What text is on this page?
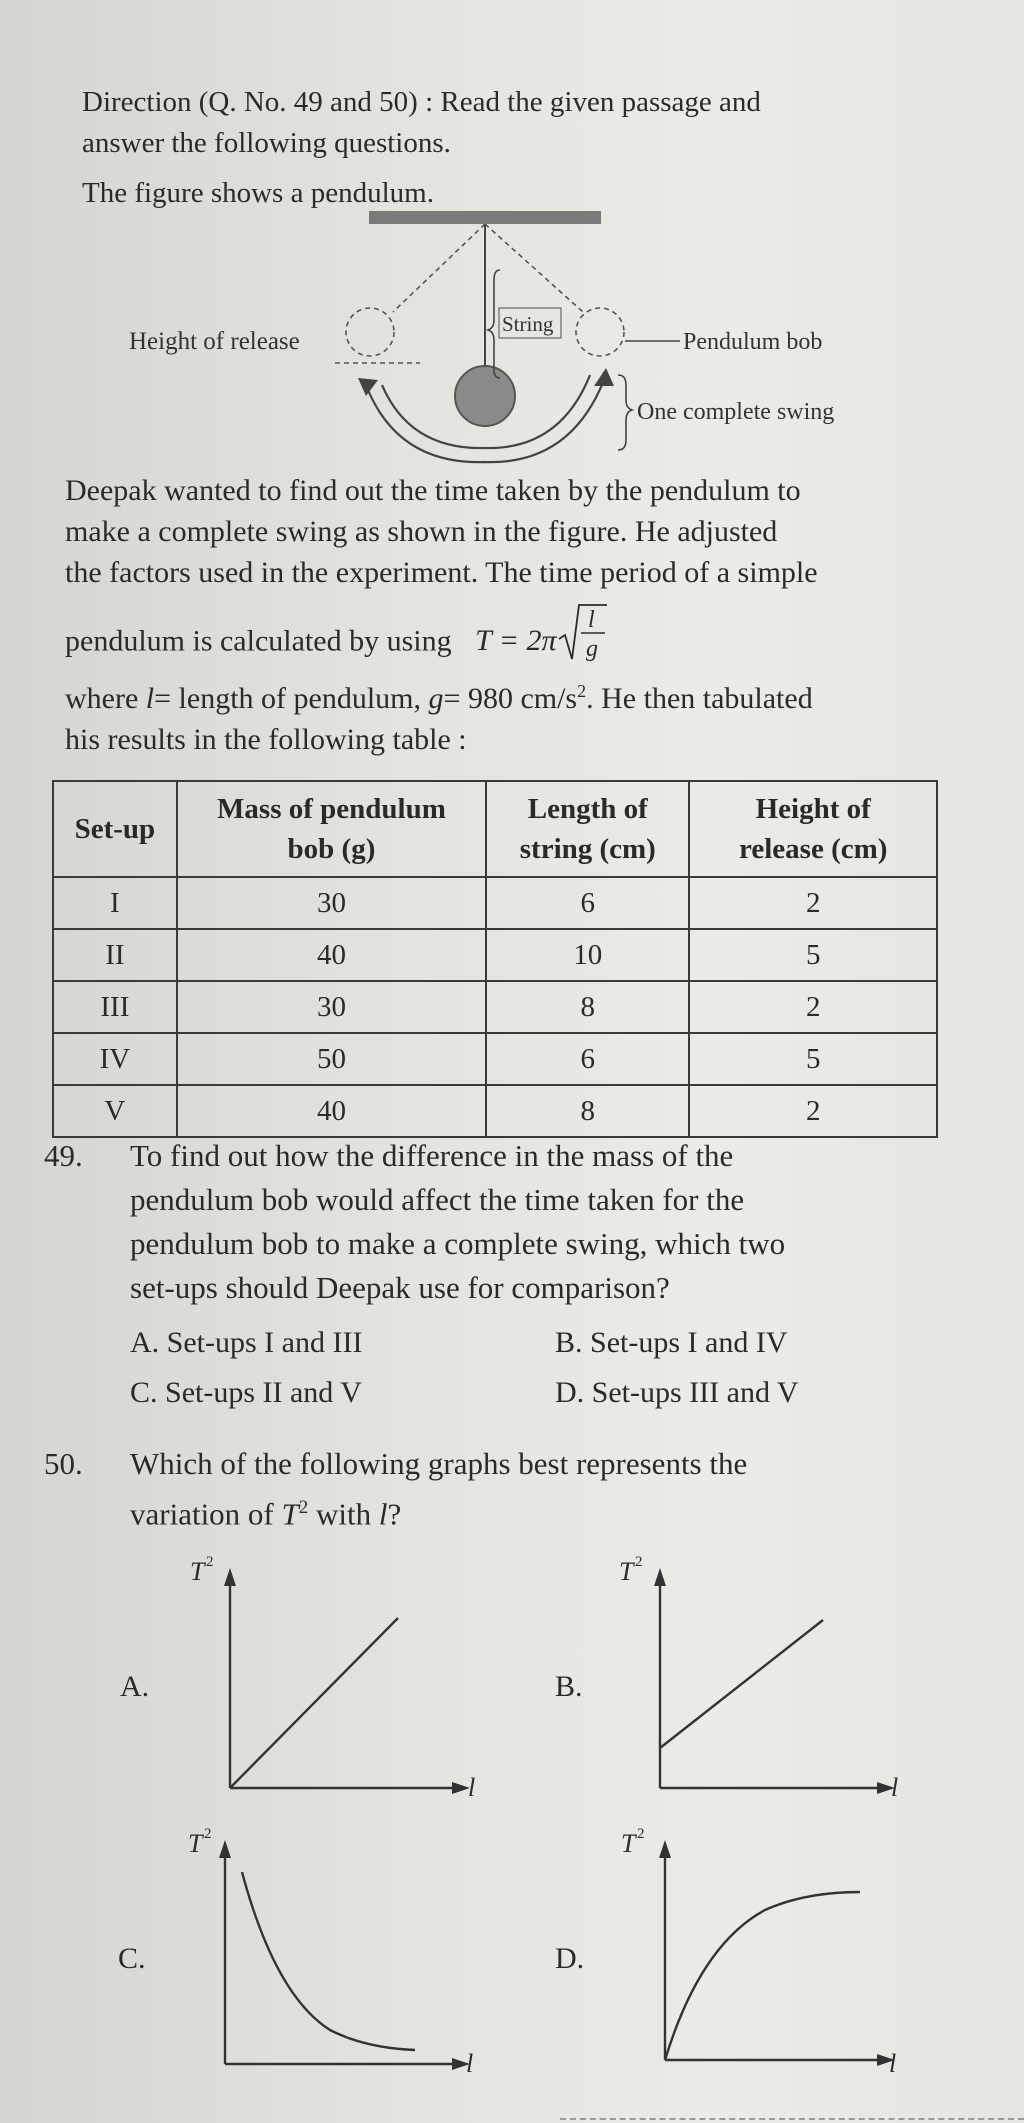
Direction (Q. No. 49 and 50) : Read the given passage and
answer the following questions.
The figure shows a pendulum.
String
Pendulum bob
Height of release
One complete swing
Deepak wanted to find out the time taken by the pendulum to
make a complete swing as shown in the figure. He adjusted
the factors used in the experiment. The time period of a simple
pendulum is calculated by using T = 2π
l
g
where l= length of pendulum, g= 980 $cm/s^2$. He then tabulated
his results in the following table :
Set-up	Mass of pendulum bob (g)	Length of string (cm)	Height of release (cm)
I	30	6	2
II	40	10	5
III	30	8	2
IV	50	6	5
V	40	8	2
49. To find out how the difference in the mass of the
pendulum bob would affect the time taken for the
pendulum bob to make a complete swing, which two
set-ups should Deepak use for comparison?
A. Set-ups I and III	B. Set-ups I and IV
C. Set-ups II and V	D. Set-ups III and V
50. Which of the following graphs best represents the
variation of $T^2$ with l?
A.	B.
C.	D.
T 2
l
T 2
l
T 2
l
T 2
l
